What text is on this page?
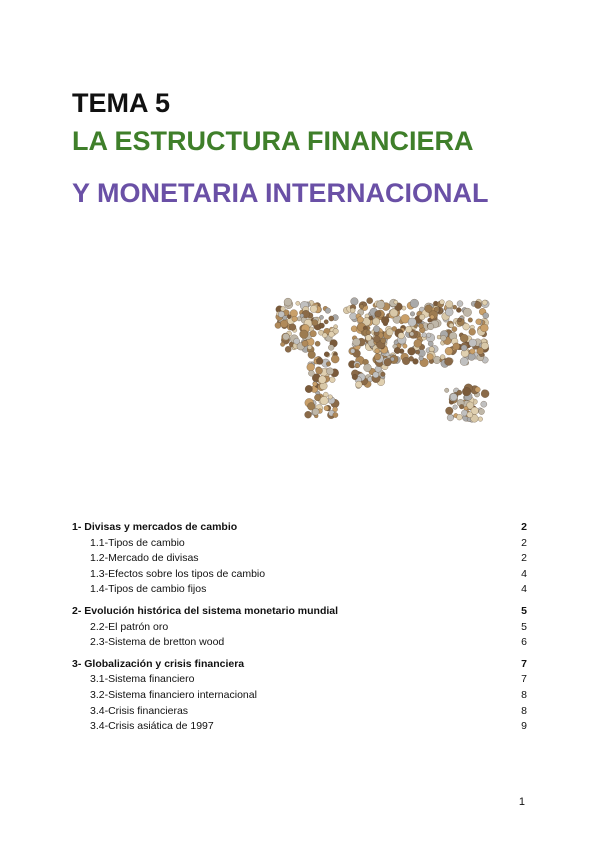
TEMA 5
LA ESTRUCTURA FINANCIERA
Y MONETARIA INTERNACIONAL
1- Divisas y mercados de cambio	2
1.1-Tipos de cambio	2
1.2-Mercado de divisas	2
1.3-Efectos sobre los tipos de cambio	4
1.4-Tipos de cambio fijos	4
2- Evolución histórica del sistema monetario mundial	5
2.2-El patrón oro	5
2.3-Sistema de bretton wood	6
3- Globalización y crisis financiera	7
3.1-Sistema financiero	7
3.2-Sistema financiero internacional	8
3.4-Crisis financieras	8
3.4-Crisis asiática de 1997	9
1
